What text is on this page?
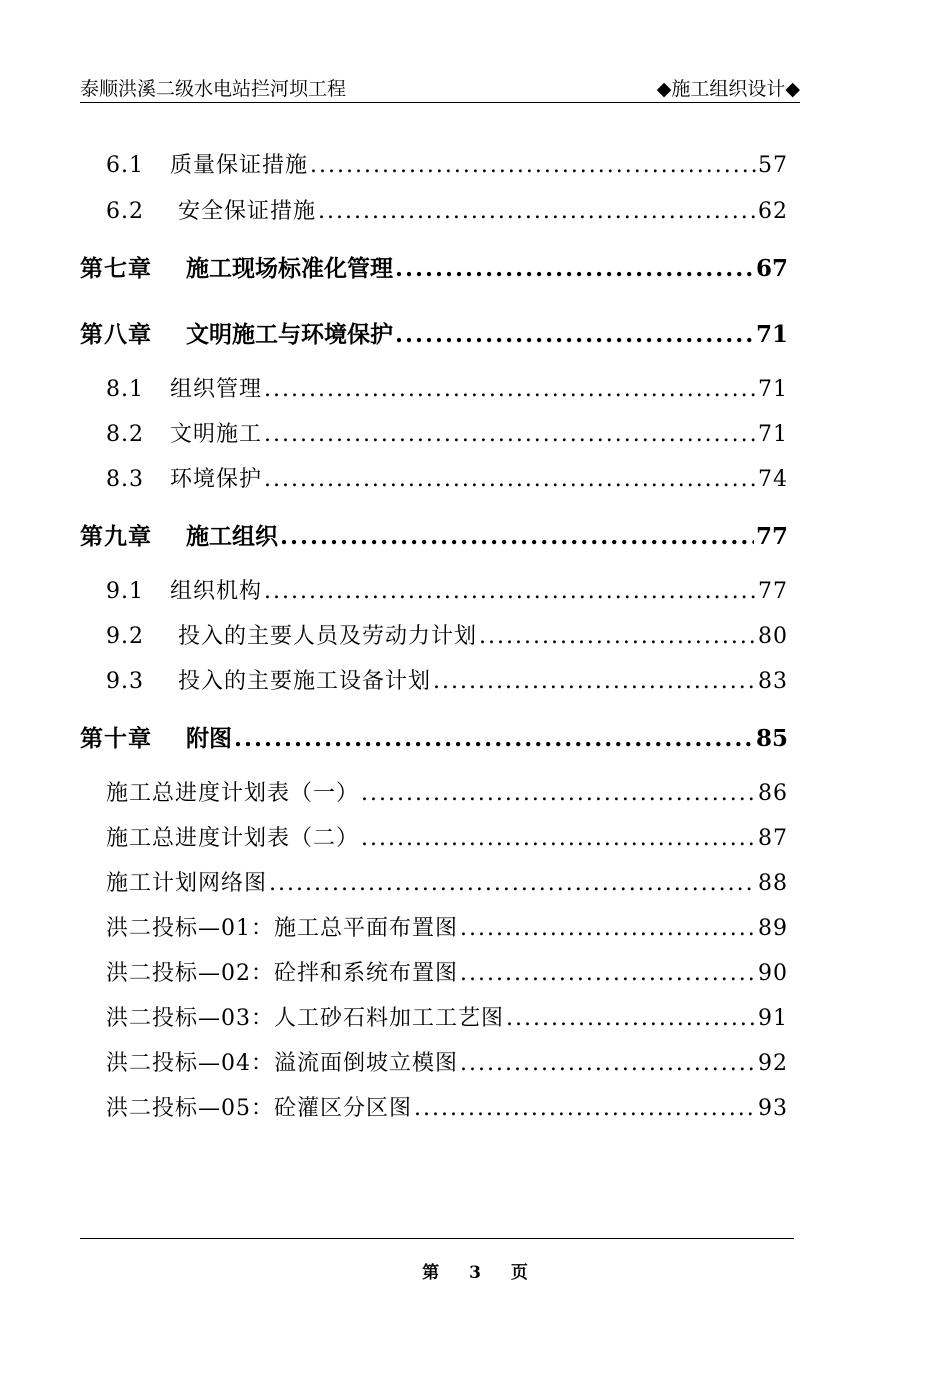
泰顺洪溪二级水电站拦河坝工程	◆施工组织设计◆
6.1	质量保证措施 .....	57
6.2	安全保证措施 .....	62
第七章	施工现场标准化管理 .....	67
第八章	文明施工与环境保护 .....	71
8.1	组织管理 .....	71
8.2	文明施工 .....	71
8.3	环境保护 .....	74
第九章	施工组织 .....	77
9.1	组织机构 .....	77
9.2	投入的主要人员及劳动力计划 .....	80
9.3	投入的主要施工设备计划 .....	83
第十章	附图 .....	85
施工总进度计划表（一） .....	86
施工总进度计划表（二） .....	87
施工计划网络图 .....	88
洪二投标—01：施工总平面布置图 .....	89
洪二投标—02：砼拌和系统布置图 .....	90
洪二投标—03：人工砂石料加工工艺图 .....	91
洪二投标—04：溢流面倒坡立模图 .....	92
洪二投标—05：砼灌区分区图 .....	93
第 3 页
